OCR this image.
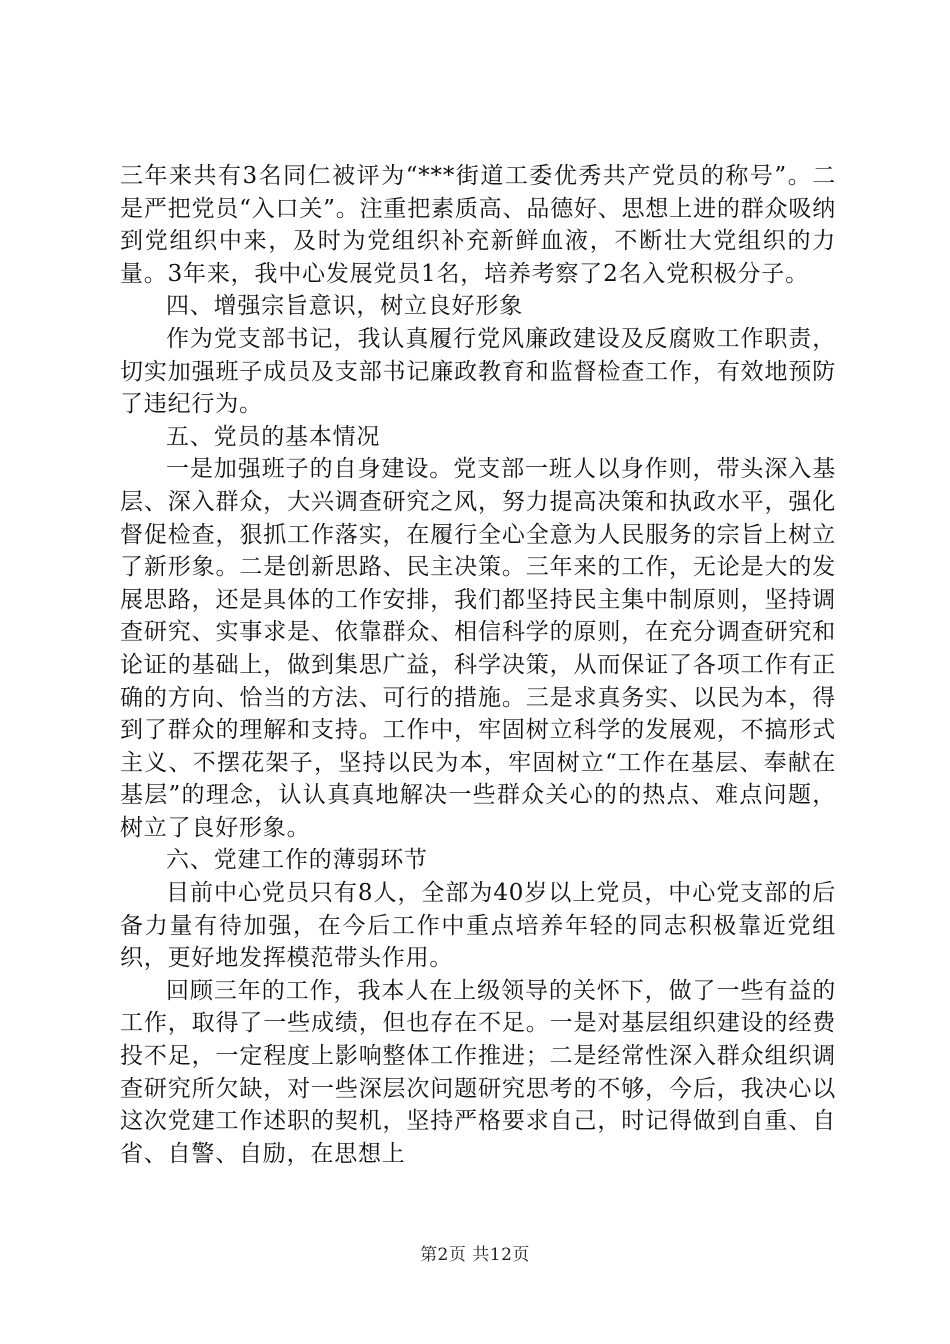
三年来共有3名同仁被评为“***街道工委优秀共产党员的称号”。二是严把党员“入口关”。注重把素质高、品德好、思想上进的群众吸纳到党组织中来，及时为党组织补充新鲜血液，不断壮大党组织的力量。3年来，我中心发展党员1名，培养考察了2名入党积极分子。

四、增强宗旨意识，树立良好形象

作为党支部书记，我认真履行党风廉政建设及反腐败工作职责，切实加强班子成员及支部书记廉政教育和监督检查工作，有效地预防了违纪行为。

五、党员的基本情况

一是加强班子的自身建设。党支部一班人以身作则，带头深入基层、深入群众，大兴调查研究之风，努力提高决策和执政水平，强化督促检查，狠抓工作落实，在履行全心全意为人民服务的宗旨上树立了新形象。二是创新思路、民主决策。三年来的工作，无论是大的发展思路，还是具体的工作安排，我们都坚持民主集中制原则，坚持调查研究、实事求是、依靠群众、相信科学的原则，在充分调查研究和论证的基础上，做到集思广益，科学决策，从而保证了各项工作有正确的方向、恰当的方法、可行的措施。三是求真务实、以民为本，得到了群众的理解和支持。工作中，牢固树立科学的发展观，不搞形式主义、不摆花架子，坚持以民为本，牢固树立“工作在基层、奉献在基层”的理念，认认真真地解决一些群众关心的的热点、难点问题，树立了良好形象。

六、党建工作的薄弱环节

目前中心党员只有8人，全部为40岁以上党员，中心党支部的后备力量有待加强，在今后工作中重点培养年轻的同志积极靠近党组织，更好地发挥模范带头作用。

回顾三年的工作，我本人在上级领导的关怀下，做了一些有益的工作，取得了一些成绩，但也存在不足。一是对基层组织建设的经费投不足，一定程度上影响整体工作推进；二是经常性深入群众组织调查研究所欠缺，对一些深层次问题研究思考的不够，今后，我决心以这次党建工作述职的契机，坚持严格要求自己，时记得做到自重、自省、自警、自励，在思想上

第2页 共12页
